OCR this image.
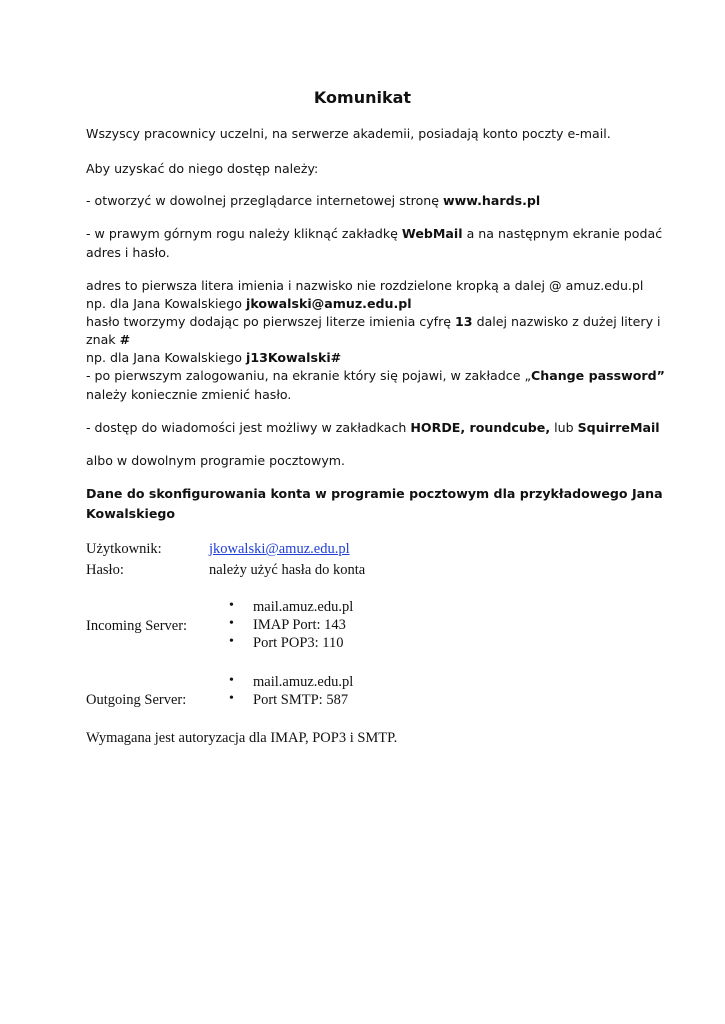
Komunikat
Wszyscy pracownicy uczelni, na serwerze akademii, posiadają konto poczty e-mail.
Aby uzyskać do niego dostęp należy:
- otworzyć w dowolnej przeglądarce internetowej stronę www.hards.pl
- w prawym górnym rogu należy kliknąć zakładkę WebMail a na następnym ekranie podać
adres i hasło.
adres to pierwsza litera imienia i nazwisko nie rozdzielone kropką a dalej @ amuz.edu.pl
np. dla Jana Kowalskiego jkowalski@amuz.edu.pl
hasło tworzymy dodając po pierwszej literze imienia cyfrę 13 dalej nazwisko z dużej litery i
znak #
np. dla Jana Kowalskiego j13Kowalski#
- po pierwszym zalogowaniu, na ekranie który się pojawi, w zakładce „Change password”
należy koniecznie zmienić hasło.
- dostęp do wiadomości jest możliwy w zakładkach HORDE, roundcube, lub SquirreMail
albo w dowolnym programie pocztowym.
Dane do skonfigurowania konta w programie pocztowym dla przykładowego Jana
Kowalskiego
Użytkownik:	jkowalski@amuz.edu.pl
Hasło:	należy użyć hasła do konta
Incoming Server:
• mail.amuz.edu.pl
• IMAP Port: 143
• Port POP3: 110
Outgoing Server:
• mail.amuz.edu.pl
• Port SMTP: 587
Wymagana jest autoryzacja dla IMAP, POP3 i SMTP.
